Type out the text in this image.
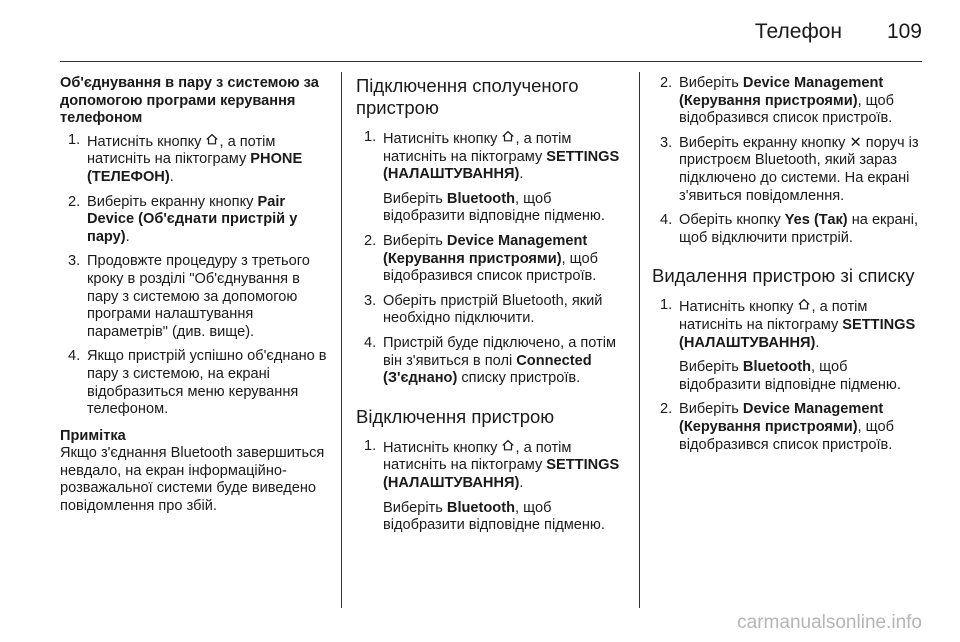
Телефон 109
Об'єднування в пару з системою за допомогою програми керування телефоном
1. Натисніть кнопку , а потім натисніть на піктограму PHONE (ТЕЛЕФОН).
2. Виберіть екранну кнопку Pair Device (Об'єднати пристрій у пару).
3. Продовжте процедуру з третього кроку в розділі "Об'єднування в пару з системою за допомогою програми налаштування параметрів" (див. вище).
4. Якщо пристрій успішно об'єднано в пару з системою, на екрані відобразиться меню керування телефоном.
Примітка
Якщо з'єднання Bluetooth завершиться невдало, на екран інформаційно-розважальної системи буде виведено повідомлення про збій.
Підключення сполученого пристрою
1. Натисніть кнопку , а потім натисніть на піктограму SETTINGS (НАЛАШТУВАННЯ).
Виберіть Bluetooth, щоб відобразити відповідне підменю.
2. Виберіть Device Management (Керування пристроями), щоб відобразився список пристроїв.
3. Оберіть пристрій Bluetooth, який необхідно підключити.
4. Пристрій буде підключено, а потім він з'явиться в полі Connected (З'єднано) списку пристроїв.
Відключення пристрою
1. Натисніть кнопку , а потім натисніть на піктограму SETTINGS (НАЛАШТУВАННЯ).
Виберіть Bluetooth, щоб відобразити відповідне підменю.
2. Виберіть Device Management (Керування пристроями), щоб відобразився список пристроїв.
3. Виберіть екранну кнопку ✕ поруч із пристроєм Bluetooth, який зараз підключено до системи. На екрані з'явиться повідомлення.
4. Оберіть кнопку Yes (Так) на екрані, щоб відключити пристрій.
Видалення пристрою зі списку
1. Натисніть кнопку , а потім натисніть на піктограму SETTINGS (НАЛАШТУВАННЯ).
Виберіть Bluetooth, щоб відобразити відповідне підменю.
2. Виберіть Device Management (Керування пристроями), щоб відобразився список пристроїв.
carmanualsonline.info
